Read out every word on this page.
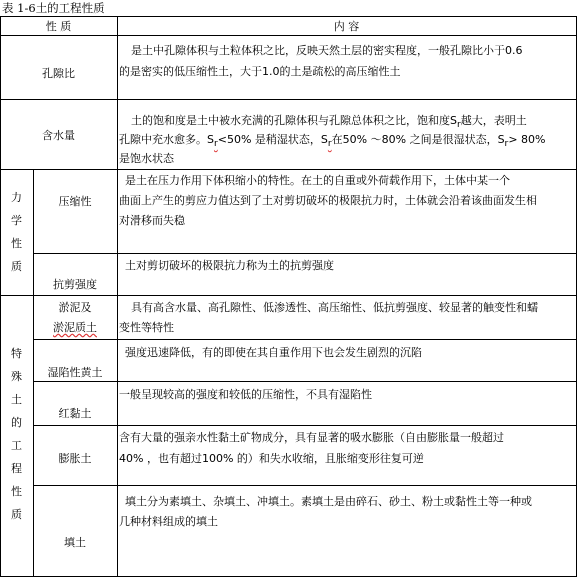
表 1-6土的工程性质
性 质	内 容
孔隙比
是土中孔隙体积与土粒体积之比，反映天然土层的密实程度，一般孔隙比小于0.6
的是密实的低压缩性土，大于1.0的土是疏松的高压缩性土
含水量
土的饱和度是土中被水充满的孔隙体积与孔隙总体积之比，饱和度$S_r$越大，表明土
孔隙中充水愈多。$S_r<50\%$ 是稍湿状态，$S_r$在50% ～80% 之间是很湿状态，$S_r> 80\%$
是饱水状态
力
学
性
质
压缩性
是土在压力作用下体积缩小的特性。在土的自重或外荷载作用下，土体中某一个
曲面上产生的剪应力值达到了土对剪切破坏的极限抗力时，土体就会沿着该曲面发生相
对滑移而失稳
抗剪强度
土对剪切破坏的极限抗力称为土的抗剪强度
特
殊
土
的
工
程
性
质
淤泥及
淤泥质土
具有高含水量、高孔隙性、低渗透性、高压缩性、低抗剪强度、较显著的触变性和蠕
变性等特性
湿陷性黄土
强度迅速降低，有的即使在其自重作用下也会发生剧烈的沉陷
红黏土
一般呈现较高的强度和较低的压缩性，不具有湿陷性
膨胀土
含有大量的强亲水性黏土矿物成分，具有显著的吸水膨胀（自由膨胀量一般超过
40% ，也有超过100% 的）和失水收缩，且胀缩变形往复可逆
填土
填土分为素填土、杂填土、冲填土。素填土是由碎石、砂土、粉土或黏性土等一种或
几种材料组成的填土
